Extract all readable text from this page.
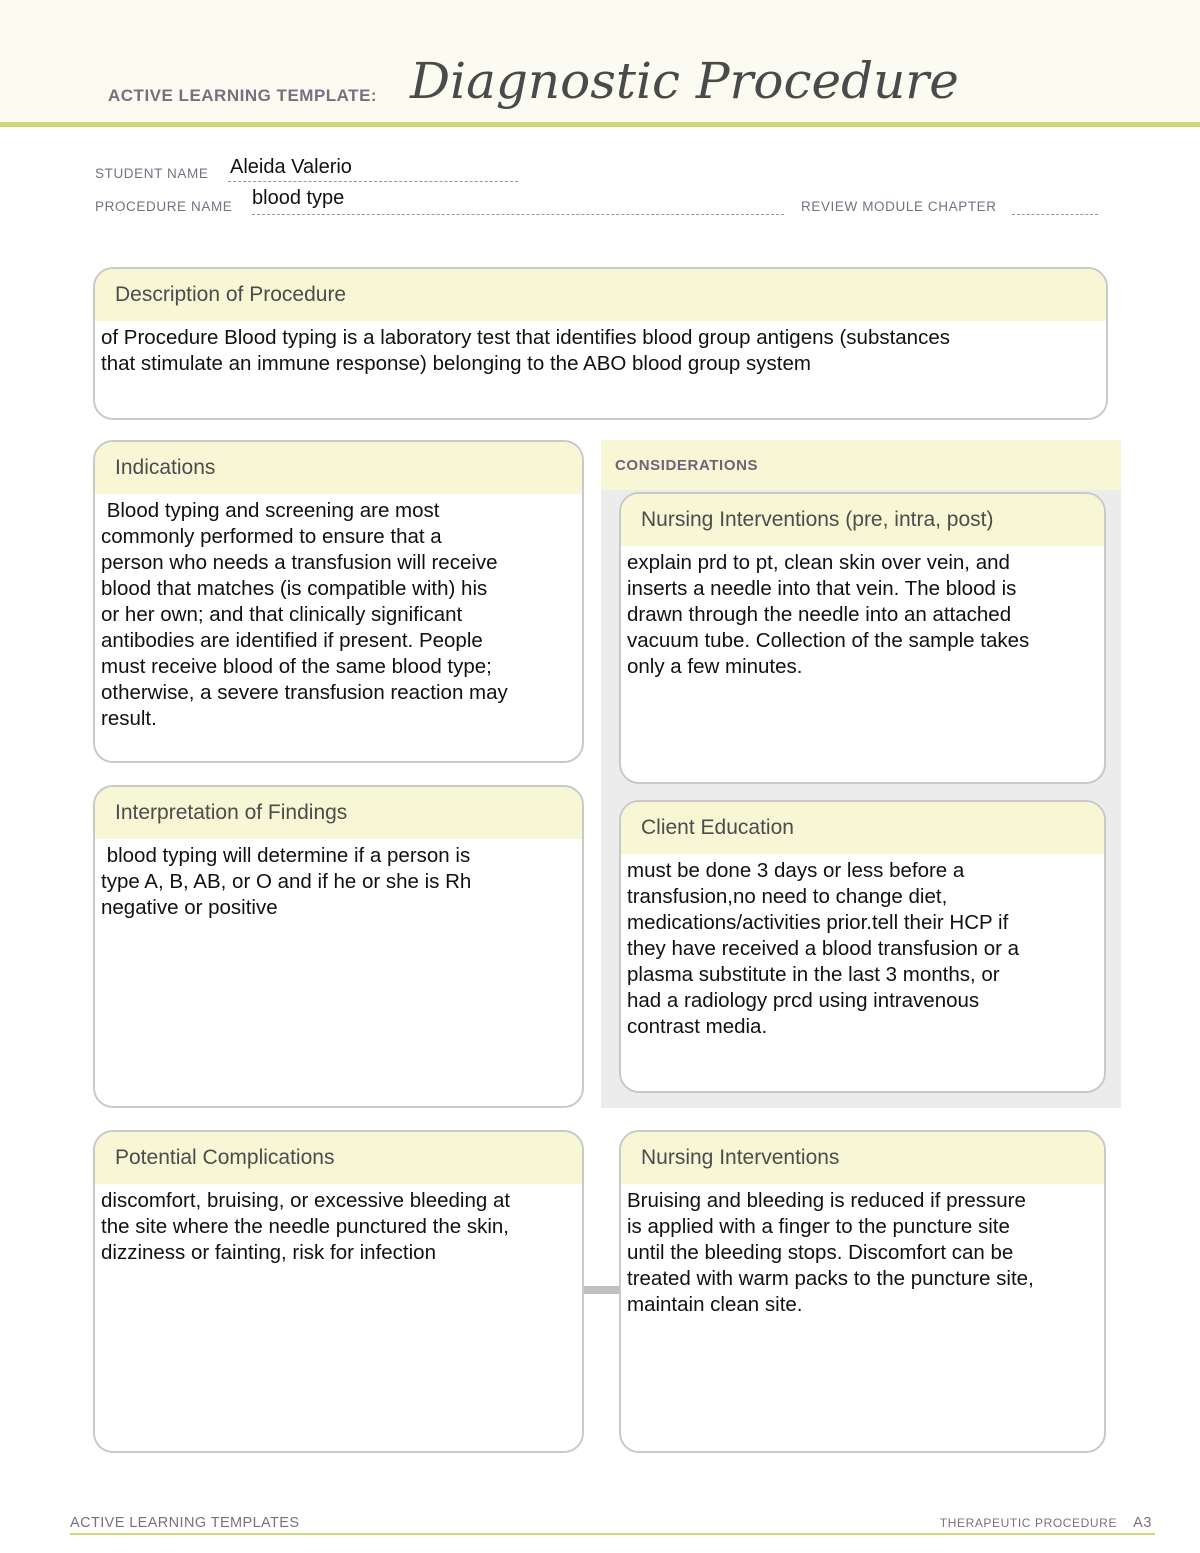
ACTIVE LEARNING TEMPLATE: Diagnostic Procedure
STUDENT NAME Aleida Valerio
PROCEDURE NAME blood type	REVIEW MODULE CHAPTER
Description of Procedure
of Procedure Blood typing is a laboratory test that identifies blood group antigens (substances
that stimulate an immune response) belonging to the ABO blood group system
Indications
Blood typing and screening are most
commonly performed to ensure that a
person who needs a transfusion will receive
blood that matches (is compatible with) his
or her own; and that clinically significant
antibodies are identified if present. People
must receive blood of the same blood type;
otherwise, a severe transfusion reaction may
result.
CONSIDERATIONS
Nursing Interventions (pre, intra, post)
explain prd to pt, clean skin over vein, and
inserts a needle into that vein. The blood is
drawn through the needle into an attached
vacuum tube. Collection of the sample takes
only a few minutes.
Client Education
must be done 3 days or less before a
transfusion,no need to change diet,
medications/activities prior.tell their HCP if
they have received a blood transfusion or a
plasma substitute in the last 3 months, or
had a radiology prcd using intravenous
contrast media.
Interpretation of Findings
blood typing will determine if a person is
type A, B, AB, or O and if he or she is Rh
negative or positive
Potential Complications
discomfort, bruising, or excessive bleeding at
the site where the needle punctured the skin,
dizziness or fainting, risk for infection
Nursing Interventions
Bruising and bleeding is reduced if pressure
is applied with a finger to the puncture site
until the bleeding stops. Discomfort can be
treated with warm packs to the puncture site,
maintain clean site.
ACTIVE LEARNING TEMPLATES	THERAPEUTIC PROCEDURE A3
